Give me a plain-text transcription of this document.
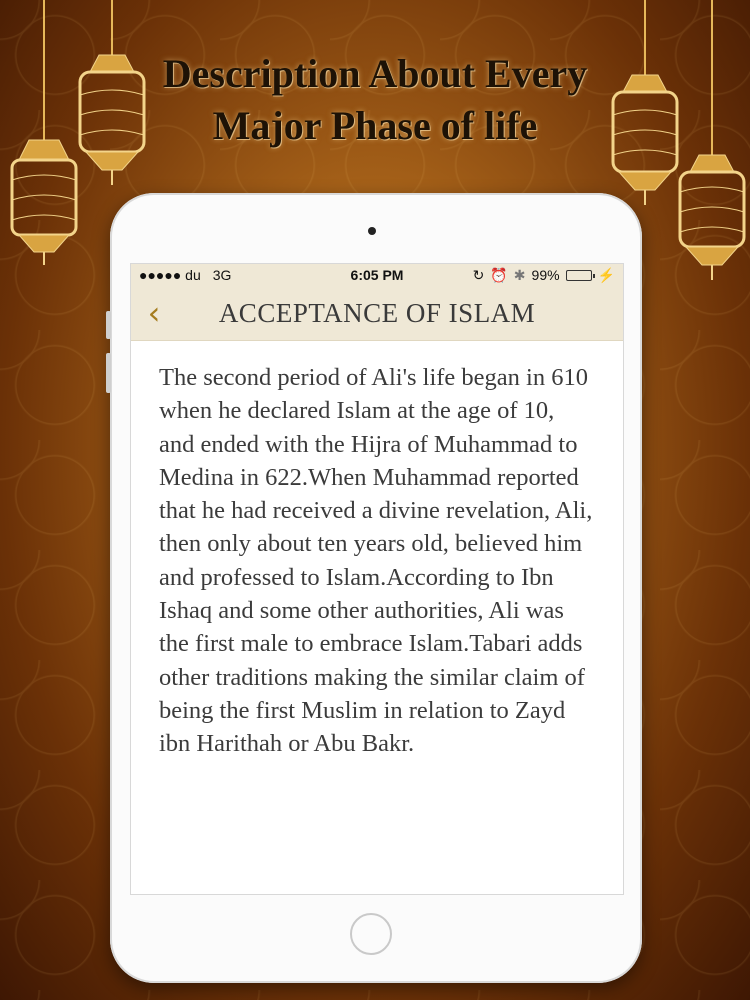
Description About Every
Major Phase of life
●●●●● du 3G	6:05 PM	↻ ⏰ ✱ 99%	⚡
‹	ACCEPTANCE OF ISLAM
The second period of Ali's life began in 610 when he declared Islam at the age of 10, and ended with the Hijra of Muhammad to Medina in 622.When Muhammad reported that he had received a divine revelation, Ali, then only about ten years old, believed him and professed to Islam.According to Ibn Ishaq and some other authorities, Ali was the first male to embrace Islam.Tabari adds other traditions making the similar claim of being the first Muslim in relation to Zayd ibn Harithah or Abu Bakr.
